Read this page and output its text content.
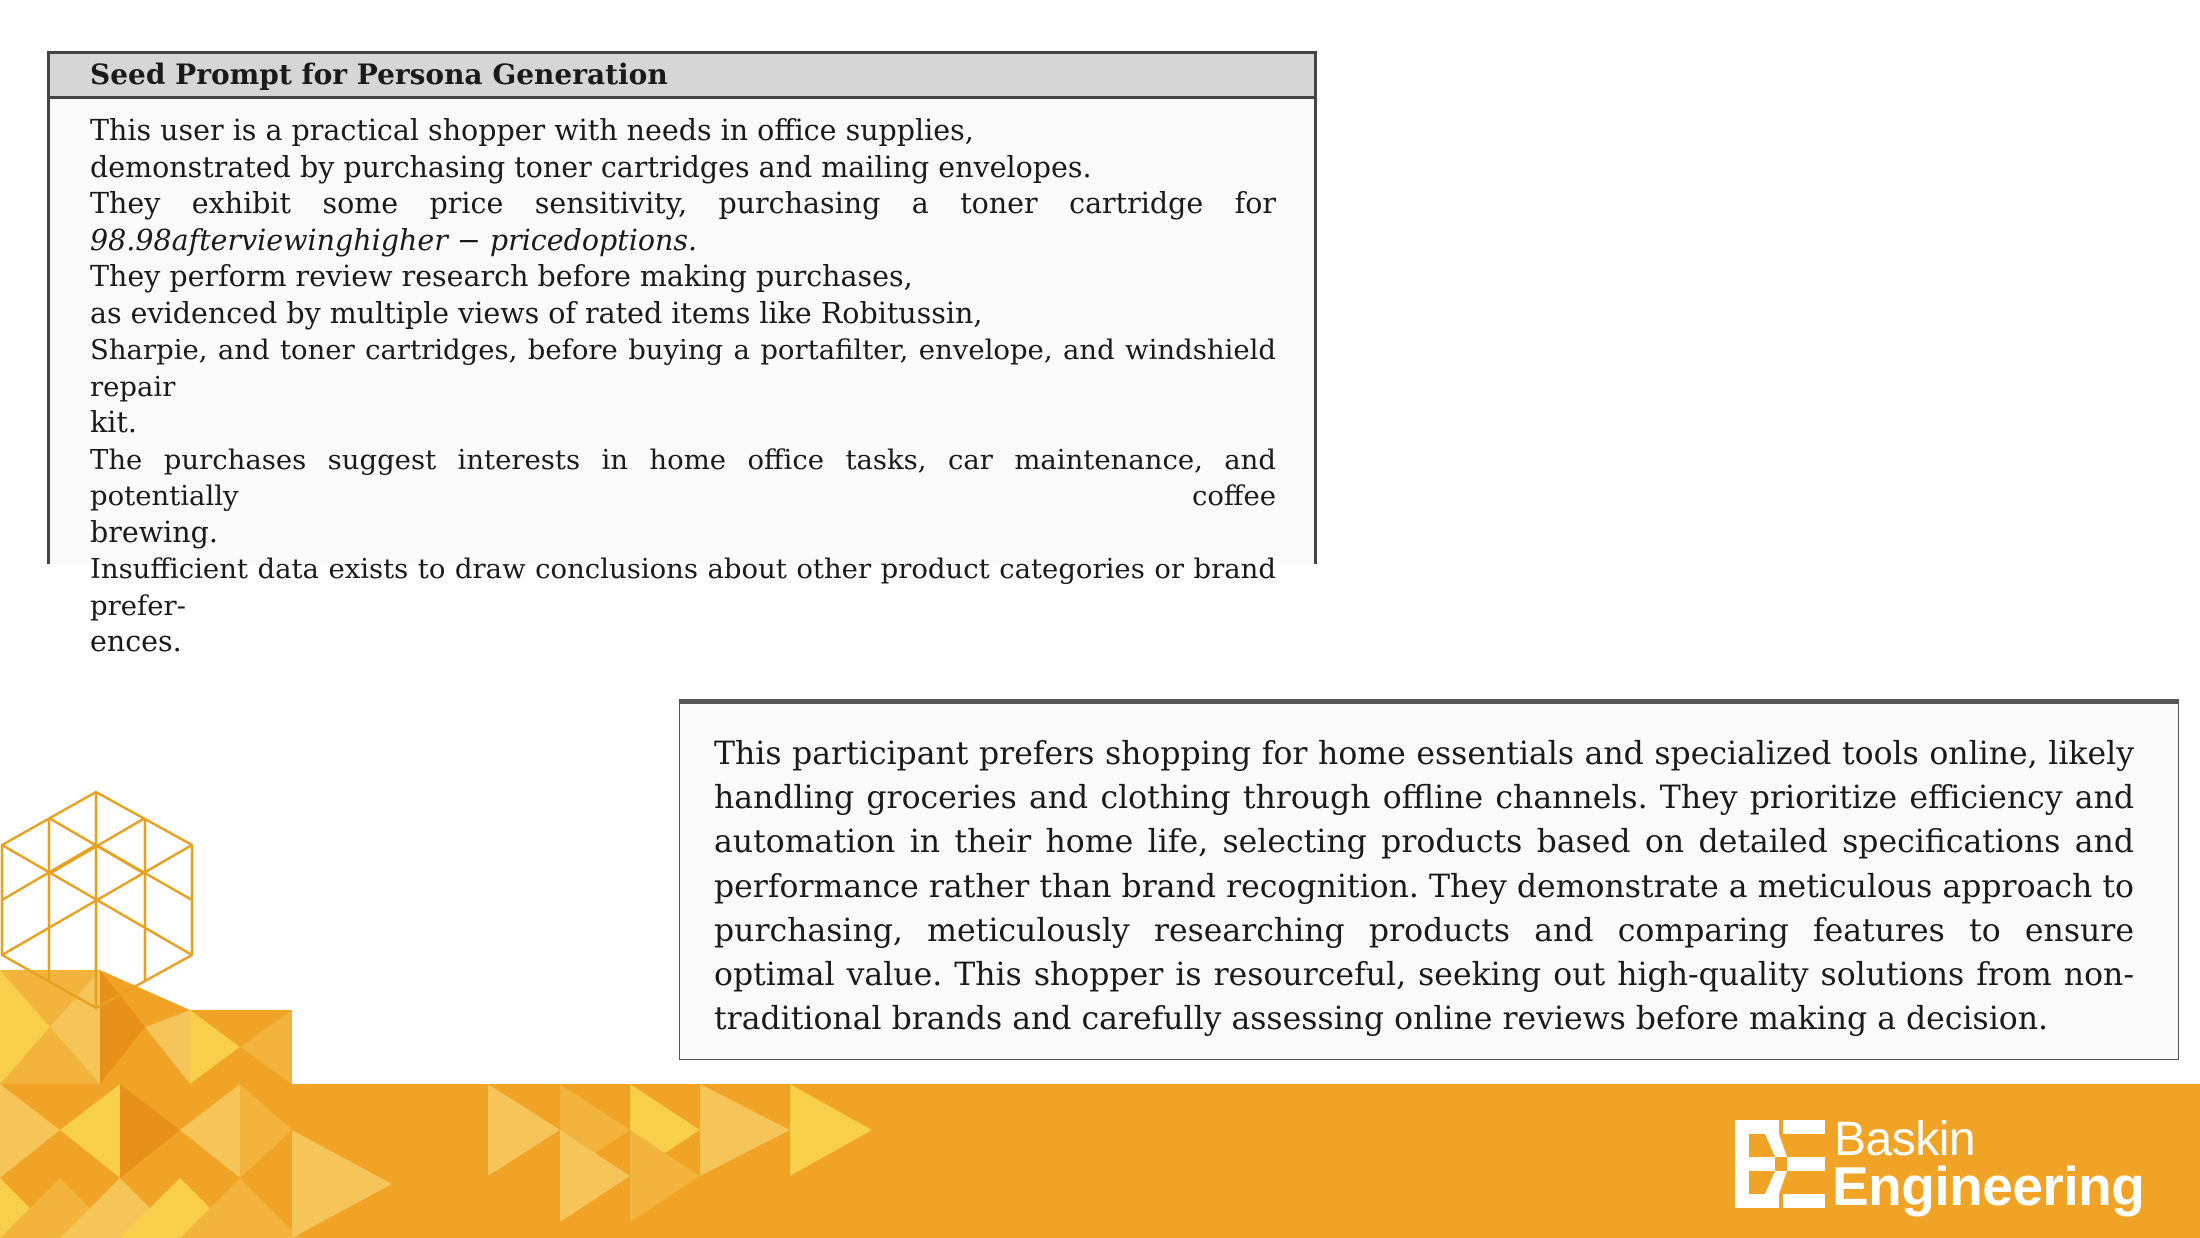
Seed Prompt for Persona Generation
This user is a practical shopper with needs in office supplies,
demonstrated by purchasing toner cartridges and mailing envelopes.
They exhibit some price sensitivity, purchasing a toner cartridge for
98.98afterviewinghigher − pricedoptions.
They perform review research before making purchases,
as evidenced by multiple views of rated items like Robitussin,
Sharpie, and toner cartridges, before buying a portafilter, envelope, and windshield repair
kit.
The purchases suggest interests in home office tasks, car maintenance, and potentially coffee
brewing.
Insufficient data exists to draw conclusions about other product categories or brand prefer-
ences.
This participant prefers shopping for home essentials and specialized tools online, likely handling groceries and clothing through offline channels. They prioritize efficiency and automation in their home life, selecting products based on detailed specifications and performance rather than brand recognition. They demonstrate a meticulous approach to purchasing, meticulously researching products and comparing features to ensure optimal value. This shopper is resourceful, seeking out high-quality solutions from non-traditional brands and carefully assessing online reviews before making a decision.
Baskin
Engineering
